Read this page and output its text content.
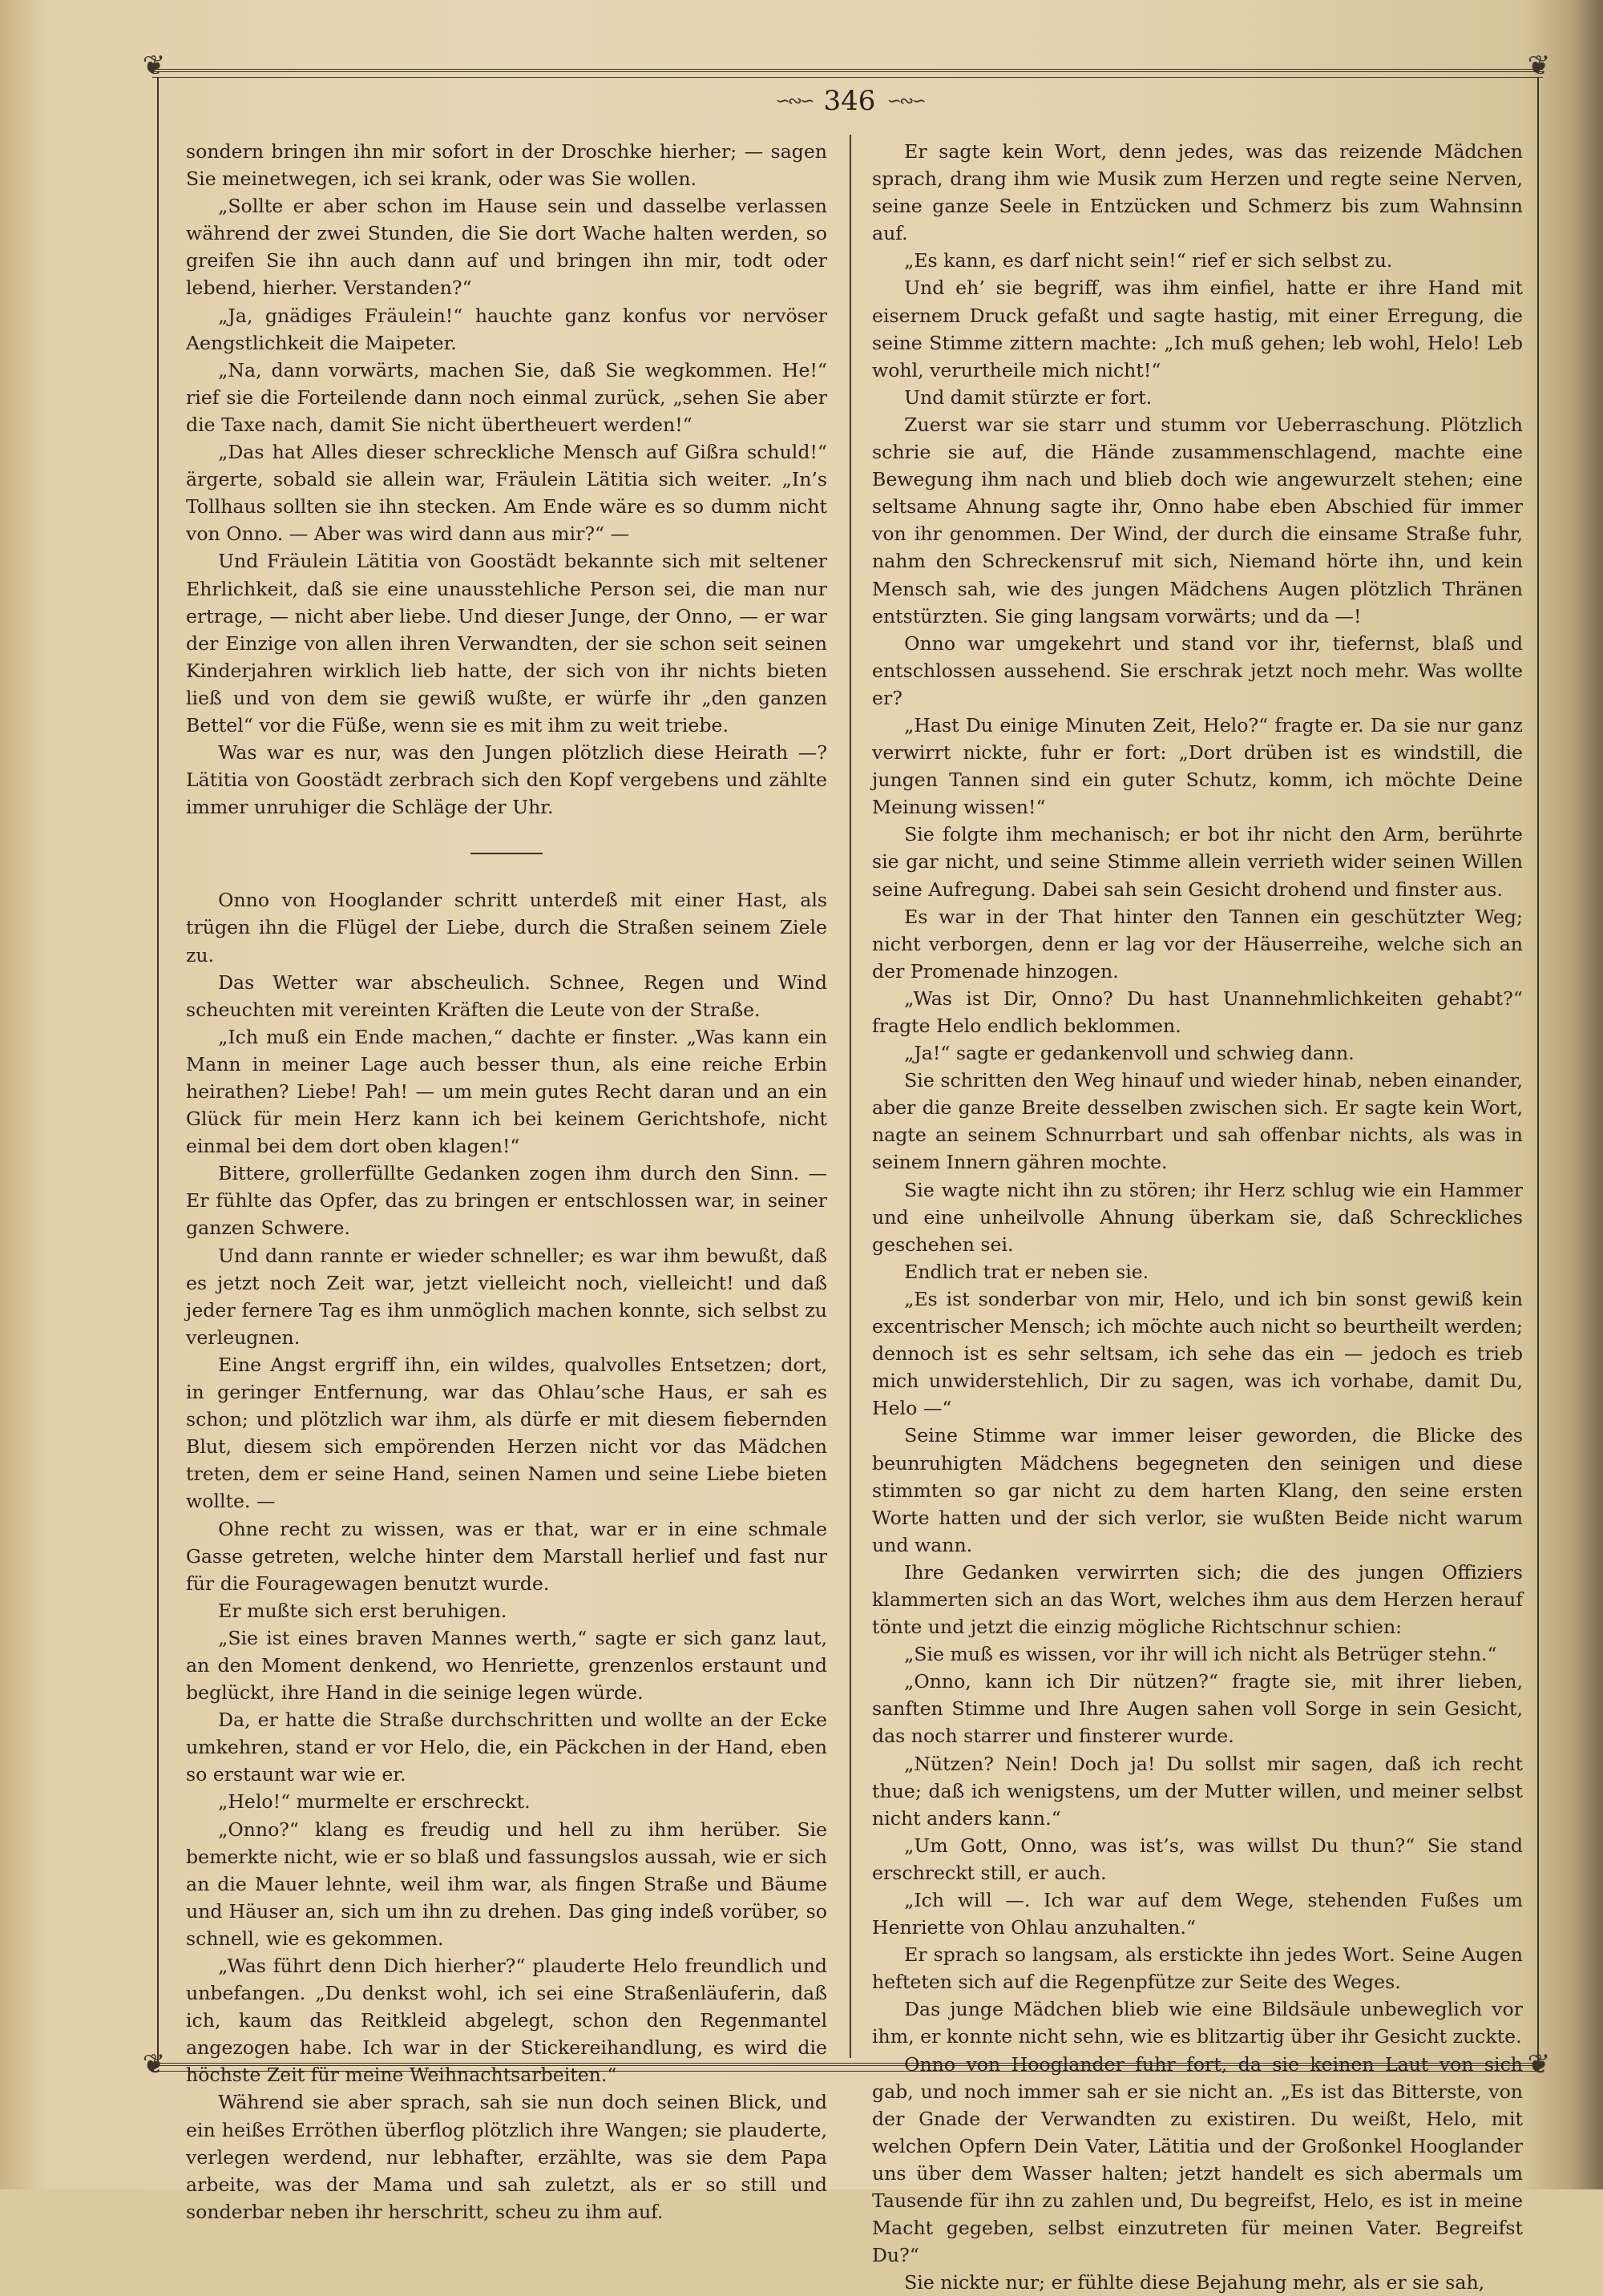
❦	❦
❦	❦
∽∾∽ 346 ∽∾∽

sondern bringen ihn mir sofort in der Droschke hierher; — sagen Sie meinetwegen, ich sei krank, oder was Sie wollen.

„Sollte er aber schon im Hause sein und dasselbe verlassen während der zwei Stunden, die Sie dort Wache halten werden, so greifen Sie ihn auch dann auf und bringen ihn mir, todt oder lebend, hierher. Verstanden?“

„Ja, gnädiges Fräulein!“ hauchte ganz konfus vor nervöser Aengstlichkeit die Maipeter.

„Na, dann vorwärts, machen Sie, daß Sie wegkommen. He!“ rief sie die Forteilende dann noch einmal zurück, „sehen Sie aber die Taxe nach, damit Sie nicht übertheuert werden!“

„Das hat Alles dieser schreckliche Mensch auf Gißra schuld!“ ärgerte, sobald sie allein war, Fräulein Lätitia sich weiter. „In’s Tollhaus sollten sie ihn stecken. Am Ende wäre es so dumm nicht von Onno. — Aber was wird dann aus mir?“ —

Und Fräulein Lätitia von Goostädt bekannte sich mit seltener Ehrlichkeit, daß sie eine unausstehliche Person sei, die man nur ertrage, — nicht aber liebe. Und dieser Junge, der Onno, — er war der Einzige von allen ihren Verwandten, der sie schon seit seinen Kinderjahren wirklich lieb hatte, der sich von ihr nichts bieten ließ und von dem sie gewiß wußte, er würfe ihr „den ganzen Bettel“ vor die Füße, wenn sie es mit ihm zu weit triebe.

Was war es nur, was den Jungen plötzlich diese Heirath —? Lätitia von Goostädt zerbrach sich den Kopf vergebens und zählte immer unruhiger die Schläge der Uhr.

Onno von Hooglander schritt unterdeß mit einer Hast, als trügen ihn die Flügel der Liebe, durch die Straßen seinem Ziele zu.

Das Wetter war abscheulich. Schnee, Regen und Wind scheuchten mit vereinten Kräften die Leute von der Straße.

„Ich muß ein Ende machen,“ dachte er finster. „Was kann ein Mann in meiner Lage auch besser thun, als eine reiche Erbin heirathen? Liebe! Pah! — um mein gutes Recht daran und an ein Glück für mein Herz kann ich bei keinem Gerichtshofe, nicht einmal bei dem dort oben klagen!“

Bittere, grollerfüllte Gedanken zogen ihm durch den Sinn. — Er fühlte das Opfer, das zu bringen er entschlossen war, in seiner ganzen Schwere.

Und dann rannte er wieder schneller; es war ihm bewußt, daß es jetzt noch Zeit war, jetzt vielleicht noch, vielleicht! und daß jeder fernere Tag es ihm unmöglich machen konnte, sich selbst zu verleugnen.

Eine Angst ergriff ihn, ein wildes, qualvolles Entsetzen; dort, in geringer Entfernung, war das Ohlau’sche Haus, er sah es schon; und plötzlich war ihm, als dürfe er mit diesem fiebernden Blut, diesem sich empörenden Herzen nicht vor das Mädchen treten, dem er seine Hand, seinen Namen und seine Liebe bieten wollte. —

Ohne recht zu wissen, was er that, war er in eine schmale Gasse getreten, welche hinter dem Marstall herlief und fast nur für die Fouragewagen benutzt wurde.

Er mußte sich erst beruhigen.

„Sie ist eines braven Mannes werth,“ sagte er sich ganz laut, an den Moment denkend, wo Henriette, grenzenlos erstaunt und beglückt, ihre Hand in die seinige legen würde.

Da, er hatte die Straße durchschritten und wollte an der Ecke umkehren, stand er vor Helo, die, ein Päckchen in der Hand, eben so erstaunt war wie er.

„Helo!“ murmelte er erschreckt.

„Onno?“ klang es freudig und hell zu ihm herüber. Sie bemerkte nicht, wie er so blaß und fassungslos aussah, wie er sich an die Mauer lehnte, weil ihm war, als fingen Straße und Bäume und Häuser an, sich um ihn zu drehen. Das ging indeß vorüber, so schnell, wie es gekommen.

„Was führt denn Dich hierher?“ plauderte Helo freundlich und unbefangen. „Du denkst wohl, ich sei eine Straßenläuferin, daß ich, kaum das Reitkleid abgelegt, schon den Regenmantel angezogen habe. Ich war in der Stickereihandlung, es wird die höchste Zeit für meine Weihnachtsarbeiten.“

Während sie aber sprach, sah sie nun doch seinen Blick, und ein heißes Erröthen überflog plötzlich ihre Wangen; sie plauderte, verlegen werdend, nur lebhafter, erzählte, was sie dem Papa arbeite, was der Mama und sah zuletzt, als er so still und sonderbar neben ihr herschritt, scheu zu ihm auf.

Er sagte kein Wort, denn jedes, was das reizende Mädchen sprach, drang ihm wie Musik zum Herzen und regte seine Nerven, seine ganze Seele in Entzücken und Schmerz bis zum Wahnsinn auf.

„Es kann, es darf nicht sein!“ rief er sich selbst zu.

Und eh’ sie begriff, was ihm einfiel, hatte er ihre Hand mit eisernem Druck gefaßt und sagte hastig, mit einer Erregung, die seine Stimme zittern machte: „Ich muß gehen; leb wohl, Helo! Leb wohl, verurtheile mich nicht!“

Und damit stürzte er fort.

Zuerst war sie starr und stumm vor Ueberraschung. Plötzlich schrie sie auf, die Hände zusammenschlagend, machte eine Bewegung ihm nach und blieb doch wie angewurzelt stehen; eine seltsame Ahnung sagte ihr, Onno habe eben Abschied für immer von ihr genommen. Der Wind, der durch die einsame Straße fuhr, nahm den Schreckensruf mit sich, Niemand hörte ihn, und kein Mensch sah, wie des jungen Mädchens Augen plötzlich Thränen entstürzten. Sie ging langsam vorwärts; und da —!

Onno war umgekehrt und stand vor ihr, tiefernst, blaß und entschlossen aussehend. Sie erschrak jetzt noch mehr. Was wollte er?

„Hast Du einige Minuten Zeit, Helo?“ fragte er. Da sie nur ganz verwirrt nickte, fuhr er fort: „Dort drüben ist es windstill, die jungen Tannen sind ein guter Schutz, komm, ich möchte Deine Meinung wissen!“

Sie folgte ihm mechanisch; er bot ihr nicht den Arm, berührte sie gar nicht, und seine Stimme allein verrieth wider seinen Willen seine Aufregung. Dabei sah sein Gesicht drohend und finster aus.

Es war in der That hinter den Tannen ein geschützter Weg; nicht verborgen, denn er lag vor der Häuserreihe, welche sich an der Promenade hinzogen.

„Was ist Dir, Onno? Du hast Unannehmlichkeiten gehabt?“ fragte Helo endlich beklommen.

„Ja!“ sagte er gedankenvoll und schwieg dann.

Sie schritten den Weg hinauf und wieder hinab, neben einander, aber die ganze Breite desselben zwischen sich. Er sagte kein Wort, nagte an seinem Schnurrbart und sah offenbar nichts, als was in seinem Innern gähren mochte.

Sie wagte nicht ihn zu stören; ihr Herz schlug wie ein Hammer und eine unheilvolle Ahnung überkam sie, daß Schreckliches geschehen sei.

Endlich trat er neben sie.

„Es ist sonderbar von mir, Helo, und ich bin sonst gewiß kein excentrischer Mensch; ich möchte auch nicht so beurtheilt werden; dennoch ist es sehr seltsam, ich sehe das ein — jedoch es trieb mich unwiderstehlich, Dir zu sagen, was ich vorhabe, damit Du, Helo —“

Seine Stimme war immer leiser geworden, die Blicke des beunruhigten Mädchens begegneten den seinigen und diese stimmten so gar nicht zu dem harten Klang, den seine ersten Worte hatten und der sich verlor, sie wußten Beide nicht warum und wann.

Ihre Gedanken verwirrten sich; die des jungen Offiziers klammerten sich an das Wort, welches ihm aus dem Herzen herauf tönte und jetzt die einzig mögliche Richtschnur schien:

„Sie muß es wissen, vor ihr will ich nicht als Betrüger stehn.“

„Onno, kann ich Dir nützen?“ fragte sie, mit ihrer lieben, sanften Stimme und Ihre Augen sahen voll Sorge in sein Gesicht, das noch starrer und finsterer wurde.

„Nützen? Nein! Doch ja! Du sollst mir sagen, daß ich recht thue; daß ich wenigstens, um der Mutter willen, und meiner selbst nicht anders kann.“

„Um Gott, Onno, was ist’s, was willst Du thun?“ Sie stand erschreckt still, er auch.

„Ich will —. Ich war auf dem Wege, stehenden Fußes um Henriette von Ohlau anzuhalten.“

Er sprach so langsam, als erstickte ihn jedes Wort. Seine Augen hefteten sich auf die Regenpfütze zur Seite des Weges.

Das junge Mädchen blieb wie eine Bildsäule unbeweglich vor ihm, er konnte nicht sehn, wie es blitzartig über ihr Gesicht zuckte.

Onno von Hooglander fuhr fort, da sie keinen Laut von sich gab, und noch immer sah er sie nicht an. „Es ist das Bitterste, von der Gnade der Verwandten zu existiren. Du weißt, Helo, mit welchen Opfern Dein Vater, Lätitia und der Großonkel Hooglander uns über dem Wasser halten; jetzt handelt es sich abermals um Tausende für ihn zu zahlen und, Du begreifst, Helo, es ist in meine Macht gegeben, selbst einzutreten für meinen Vater. Begreifst Du?“

Sie nickte nur; er fühlte diese Bejahung mehr, als er sie sah,
